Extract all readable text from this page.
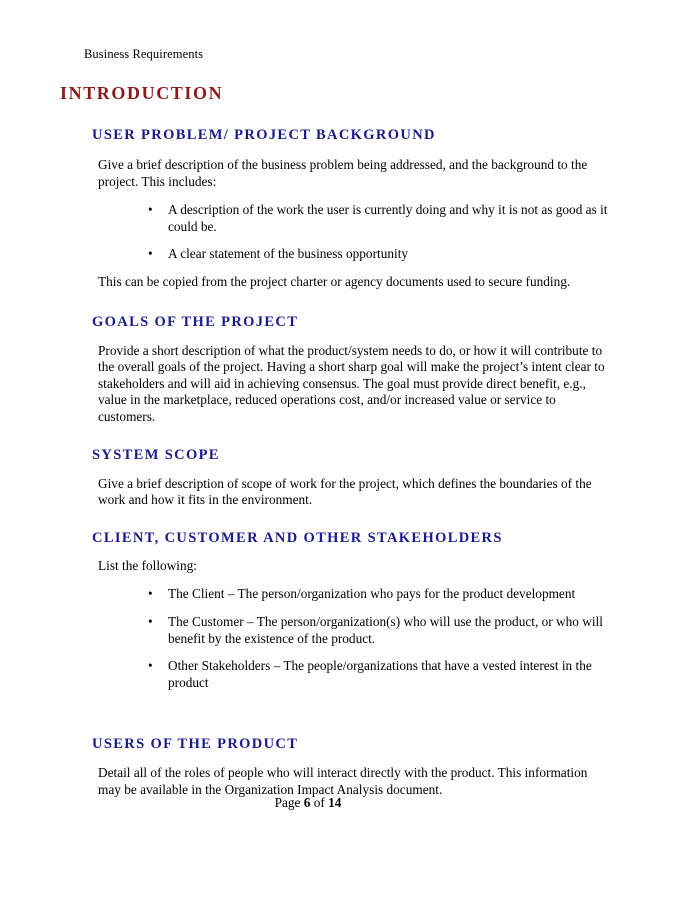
Business Requirements
INTRODUCTION
USER PROBLEM/ PROJECT BACKGROUND

Give a brief description of the business problem being addressed, and the background to the project. This includes:

• A description of the work the user is currently doing and why it is not as good as it could be.
• A clear statement of the business opportunity

This can be copied from the project charter or agency documents used to secure funding.

GOALS OF THE PROJECT

Provide a short description of what the product/system needs to do, or how it will contribute to the overall goals of the project. Having a short sharp goal will make the project’s intent clear to stakeholders and will aid in achieving consensus. The goal must provide direct benefit, e.g., value in the marketplace, reduced operations cost, and/or increased value or service to customers.

SYSTEM SCOPE

Give a brief description of scope of work for the project, which defines the boundaries of the work and how it fits in the environment.

CLIENT, CUSTOMER AND OTHER STAKEHOLDERS

List the following:

• The Client – The person/organization who pays for the product development
• The Customer – The person/organization(s) who will use the product, or who will benefit by the existence of the product.
• Other Stakeholders – The people/organizations that have a vested interest in the product
USERS OF THE PRODUCT

Detail all of the roles of people who will interact directly with the product. This information may be available in the Organization Impact Analysis document.

Page 6 of 14
